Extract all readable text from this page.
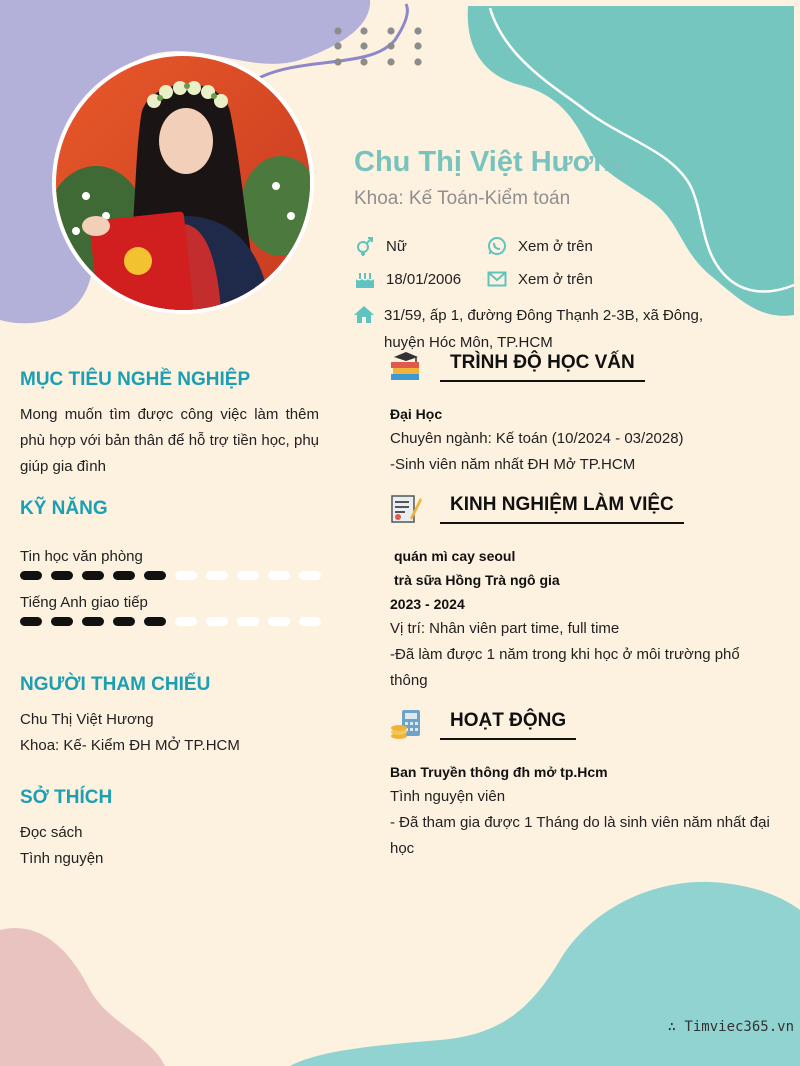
Chu Thị Việt Hương
Khoa: Kế Toán-Kiểm toán
Nữ	Xem ở trên
18/01/2006	Xem ở trên
31/59, ấp 1, đường Đông Thạnh 2-3B, xã Đông, huyện Hóc Môn, TP.HCM
MỤC TIÊU NGHỀ NGHIỆP
Mong muốn tìm được công việc làm thêm phù hợp với bản thân để hỗ trợ tiền học, phụ giúp gia đình
KỸ NĂNG
Tin học văn phòng
Tiếng Anh giao tiếp
NGƯỜI THAM CHIẾU
Chu Thị Việt Hương
Khoa: Kế- Kiểm ĐH MỞ TP.HCM
SỞ THÍCH
Đọc sách
Tình nguyện
TRÌNH ĐỘ HỌC VẤN
Đại Học
Chuyên ngành: Kế toán (10/2024 - 03/2028)
-Sinh viên năm nhất ĐH Mở TP.HCM
KINH NGHIỆM LÀM VIỆC
quán mì cay seoul
trà sữa Hồng Trà ngô gia
2023 - 2024
Vị trí: Nhân viên part time, full time
-Đã làm được 1 năm trong khi học ở môi trường phổ thông
HOẠT ĐỘNG
Ban Truyền thông đh mở tp.Hcm
Tình nguyện viên
- Đã tham gia được 1 Tháng do là sinh viên năm nhất đại học
∴ Timviec365.vn
